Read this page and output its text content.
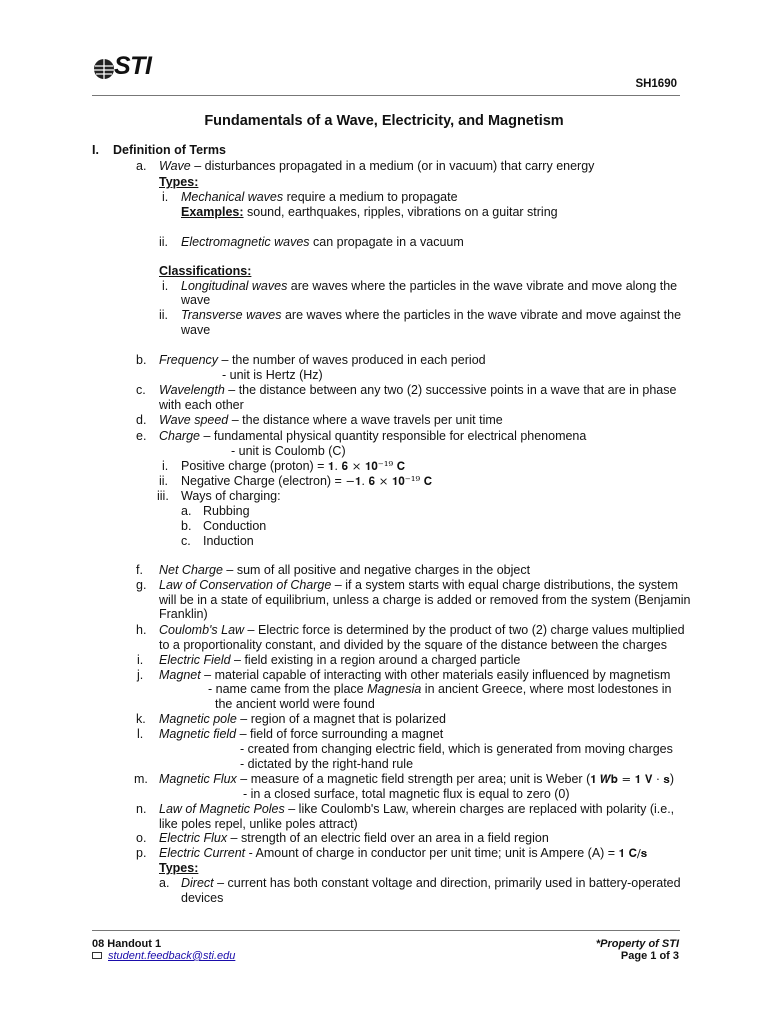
STI
SH1690
Fundamentals of a Wave, Electricity, and Magnetism
I. Definition of Terms
a. Wave – disturbances propagated in a medium (or in vacuum) that carry energy
Types:
i. Mechanical waves require a medium to propagate
Examples: sound, earthquakes, ripples, vibrations on a guitar string
ii. Electromagnetic waves can propagate in a vacuum
Classifications:
i. Longitudinal waves are waves where the particles in the wave vibrate and move along the
wave
ii. Transverse waves are waves where the particles in the wave vibrate and move against the
wave
b. Frequency – the number of waves produced in each period
- unit is Hertz (Hz)
c. Wavelength – the distance between any two (2) successive points in a wave that are in phase
with each other
d. Wave speed – the distance where a wave travels per unit time
e. Charge – fundamental physical quantity responsible for electrical phenomena
- unit is Coulomb (C)
i. Positive charge (proton) = 𝟏. 𝟔 × 𝟏𝟎⁻¹⁹ 𝐂
ii. Negative Charge (electron) = −𝟏. 𝟔 × 𝟏𝟎⁻¹⁹ 𝐂
iii. Ways of charging:
a. Rubbing
b. Conduction
c. Induction
f. Net Charge – sum of all positive and negative charges in the object
g. Law of Conservation of Charge – if a system starts with equal charge distributions, the system
will be in a state of equilibrium, unless a charge is added or removed from the system (Benjamin
Franklin)
h. Coulomb's Law – Electric force is determined by the product of two (2) charge values multiplied
to a proportionality constant, and divided by the square of the distance between the charges
i. Electric Field – field existing in a region around a charged particle
j. Magnet – material capable of interacting with other materials easily influenced by magnetism
- name came from the place Magnesia in ancient Greece, where most lodestones in
the ancient world were found
k. Magnetic pole – region of a magnet that is polarized
l. Magnetic field – field of force surrounding a magnet
- created from changing electric field, which is generated from moving charges
- dictated by the right-hand rule
m. Magnetic Flux – measure of a magnetic field strength per area; unit is Weber (𝟏 𝑾𝐛 = 𝟏 𝐕 · 𝐬)
- in a closed surface, total magnetic flux is equal to zero (0)
n. Law of Magnetic Poles – like Coulomb's Law, wherein charges are replaced with polarity (i.e.,
like poles repel, unlike poles attract)
o. Electric Flux – strength of an electric field over an area in a field region
p. Electric Current - Amount of charge in conductor per unit time; unit is Ampere (A) = 𝟏 𝐂/𝐬
Types:
a. Direct – current has both constant voltage and direction, primarily used in battery-operated
devices
08 Handout 1	*Property of STI
student.feedback@sti.edu	Page 1 of 3
